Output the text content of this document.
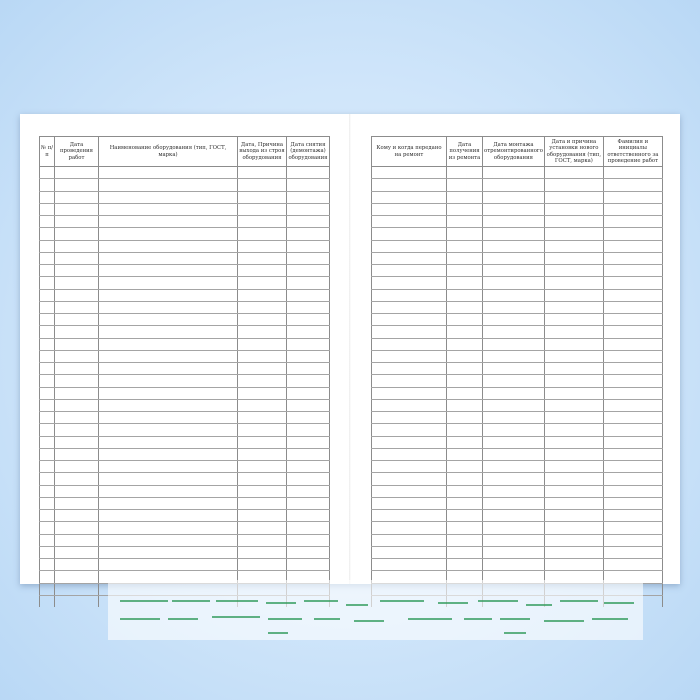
№ п/п	Дата проведения работ	Наименование оборудования (тип, ГОСТ, марка)	Дата, Причина выхода из строя оборудования	Дата снятия (демонтажа) оборудования

Кому и когда передано на ремонт	Дата получения из ремонта	Дата монтажа отремонтированного оборудования	Дата и причина установки нового оборудования (тип, ГОСТ, марка)	Фамилия и инициалы ответственного за проведение работ
